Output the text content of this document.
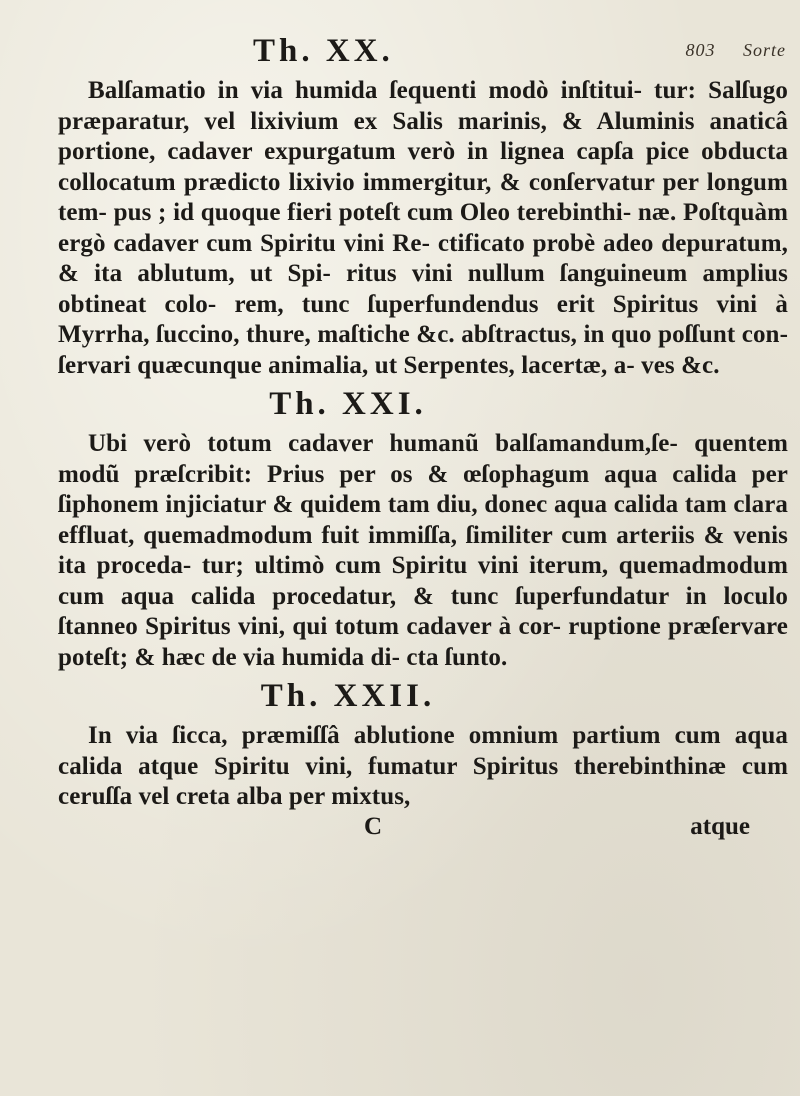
803 Sorte
Th. XX.

Balſamatio in via humida ſequenti modò inſtitui- tur: Salſugo præparatur, vel lixivium ex Salis marinis, & Aluminis anaticâ portione, cadaver expurgatum verò in lignea capſa pice obducta collocatum prædicto lixivio immergitur, & conſervatur per longum tem- pus ; id quoque fieri poteſt cum Oleo terebinthi- næ. Poſtquàm ergò cadaver cum Spiritu vini Re- ctificato probè adeo depuratum, & ita ablutum, ut Spi- ritus vini nullum ſanguineum amplius obtineat colo- rem, tunc ſuperfundendus erit Spiritus vini à Myrrha, ſuccino, thure, maſtiche &c. abſtractus, in quo poſſunt con- ſervari quæcunque animalia, ut Serpentes, lacertæ, a- ves &c.

Th. XXI.

Ubi verò totum cadaver humanũ balſamandum,ſe- quentem modũ præſcribit: Prius per os & œſophagum aqua calida per ſiphonem injiciatur & quidem tam diu, donec aqua calida tam clara effluat, quemadmodum fuit immiſſa, ſimiliter cum arteriis & venis ita proceda- tur; ultimò cum Spiritu vini iterum, quemadmodum cum aqua calida procedatur, & tunc ſuperfundatur in loculo ſtanneo Spiritus vini, qui totum cadaver à cor- ruptione præſervare poteſt; & hæc de via humida di- cta ſunto.

Th. XXII.

In via ſicca, præmiſſâ ablutione omnium partium cum aqua calida atque Spiritu vini, fumatur Spiritus therebinthinæ cum ceruſſa vel creta alba per mixtus,

C	atque
